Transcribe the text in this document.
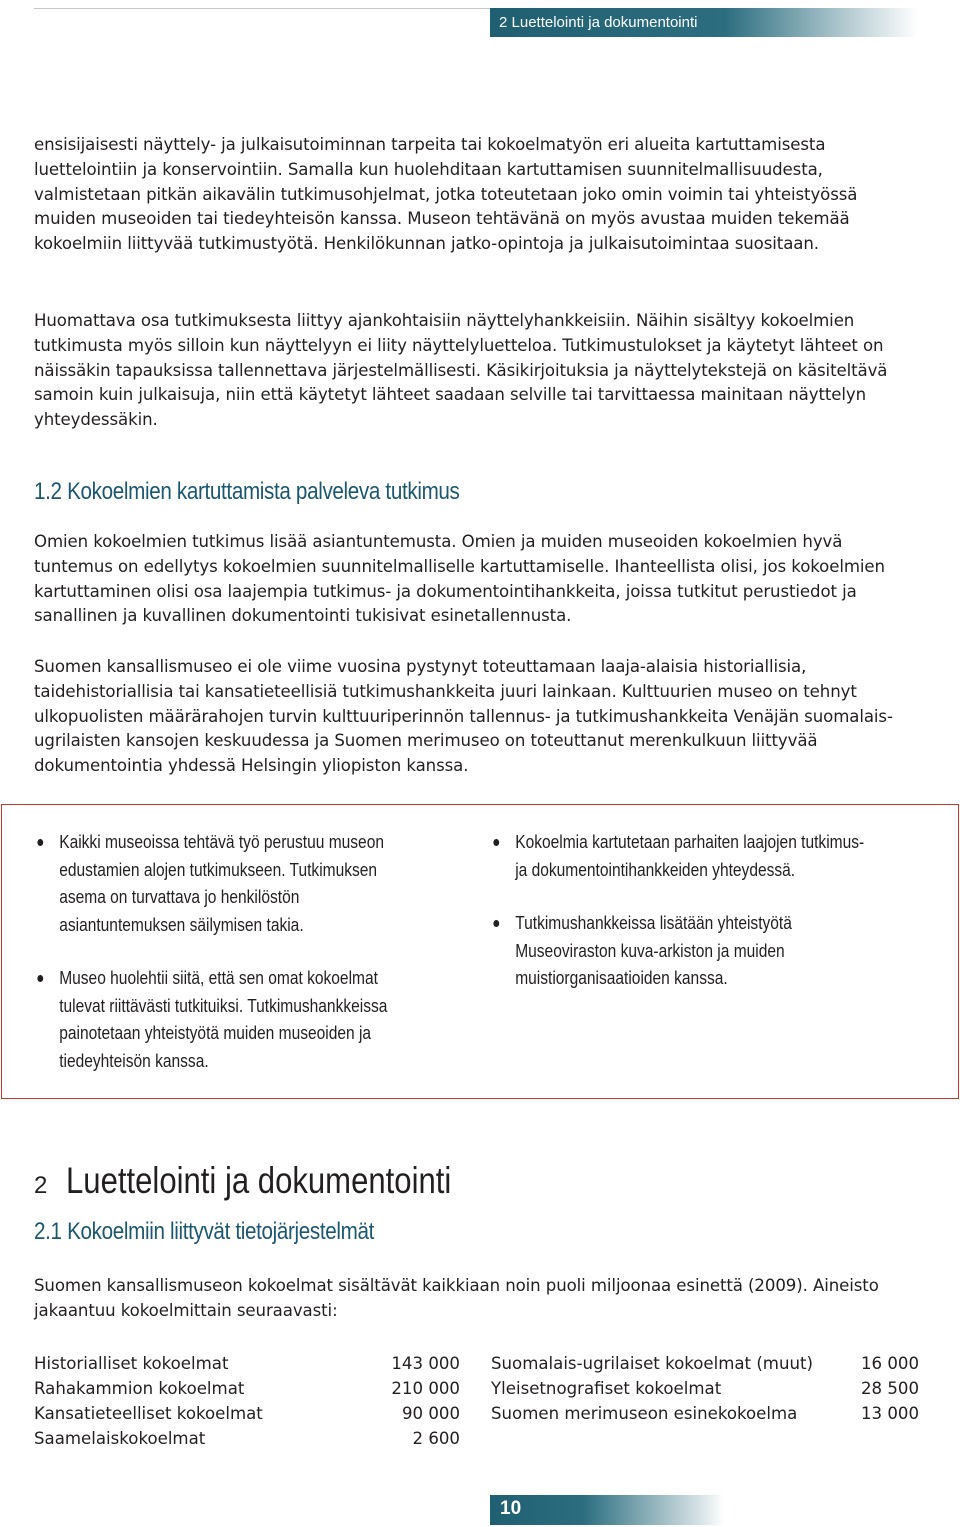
2 Luettelointi ja dokumentointi

ensisijaisesti näyttely- ja julkaisutoiminnan tarpeita tai kokoelmatyön eri alueita kartuttamisesta luettelointiin ja konservointiin. Samalla kun huolehditaan kartuttamisen suunnitelmallisuudesta, valmistetaan pitkän aikavälin tutkimusohjelmat, jotka toteutetaan joko omin voimin tai yhteistyössä muiden museoiden tai tiedeyhteisön kanssa. Museon tehtävänä on myös avustaa muiden tekemää kokoelmiin liittyvää tutkimustyötä. Henkilökunnan jatko-opintoja ja julkaisutoimintaa suositaan.

Huomattava osa tutkimuksesta liittyy ajankohtaisiin näyttelyhankkeisiin. Näihin sisältyy kokoelmien tutkimusta myös silloin kun näyttelyyn ei liity näyttelyluetteloa. Tutkimustulokset ja käytetyt lähteet on näissäkin tapauksissa tallennettava järjestelmällisesti. Käsikirjoituksia ja näyttelytekstejä on käsiteltävä samoin kuin julkaisuja, niin että käytetyt lähteet saadaan selville tai tarvittaessa mainitaan näyttelyn yhteydessäkin.

1.2 Kokoelmien kartuttamista palveleva tutkimus

Omien kokoelmien tutkimus lisää asiantuntemusta. Omien ja muiden museoiden kokoelmien hyvä tuntemus on edellytys kokoelmien suunnitelmalliselle kartuttamiselle. Ihanteellista olisi, jos kokoelmien kartuttaminen olisi osa laajempia tutkimus- ja dokumentointihankkeita, joissa tutkitut perustiedot ja sanallinen ja kuvallinen dokumentointi tukisivat esinetallennusta.

Suomen kansallismuseo ei ole viime vuosina pystynyt toteuttamaan laaja-alaisia historiallisia, taidehistoriallisia tai kansatieteellisiä tutkimushankkeita juuri lainkaan. Kulttuurien museo on tehnyt ulkopuolisten määrärahojen turvin kulttuuriperinnön tallennus- ja tutkimushankkeita Venäjän suomalais-ugrilaisten kansojen keskuudessa ja Suomen merimuseo on toteuttanut merenkulkuun liittyvää dokumentointia yhdessä Helsingin yliopiston kanssa.

Kaikki museoissa tehtävä työ perustuu museon edustamien alojen tutkimukseen. Tutkimuksen asema on turvattava jo henkilöstön asiantuntemuksen säilymisen takia.
Museo huolehtii siitä, että sen omat kokoelmat tulevat riittävästi tutkituiksi. Tutkimushankkeissa painotetaan yhteistyötä muiden museoiden ja tiedeyhteisön kanssa.
Kokoelmia kartutetaan parhaiten laajojen tutkimus- ja dokumentointihankkeiden yhteydessä.
Tutkimushankkeissa lisätään yhteistyötä Museoviraston kuva-arkiston ja muiden muistiorganisaatioiden kanssa.
2 Luettelointi ja dokumentointi
2.1 Kokoelmiin liittyvät tietojärjestelmät

Suomen kansallismuseon kokoelmat sisältävät kaikkiaan noin puoli miljoonaa esinettä (2009). Aineisto jakaantuu kokoelmittain seuraavasti:

Historialliset kokoelmat	143 000
Rahakammion kokoelmat	210 000
Kansatieteelliset kokoelmat	90 000
Saamelaiskokoelmat	2 600
Suomalais-ugrilaiset kokoelmat (muut)	16 000
Yleisetnografiset kokoelmat	28 500
Suomen merimuseon esinekokoelma	13 000
10
